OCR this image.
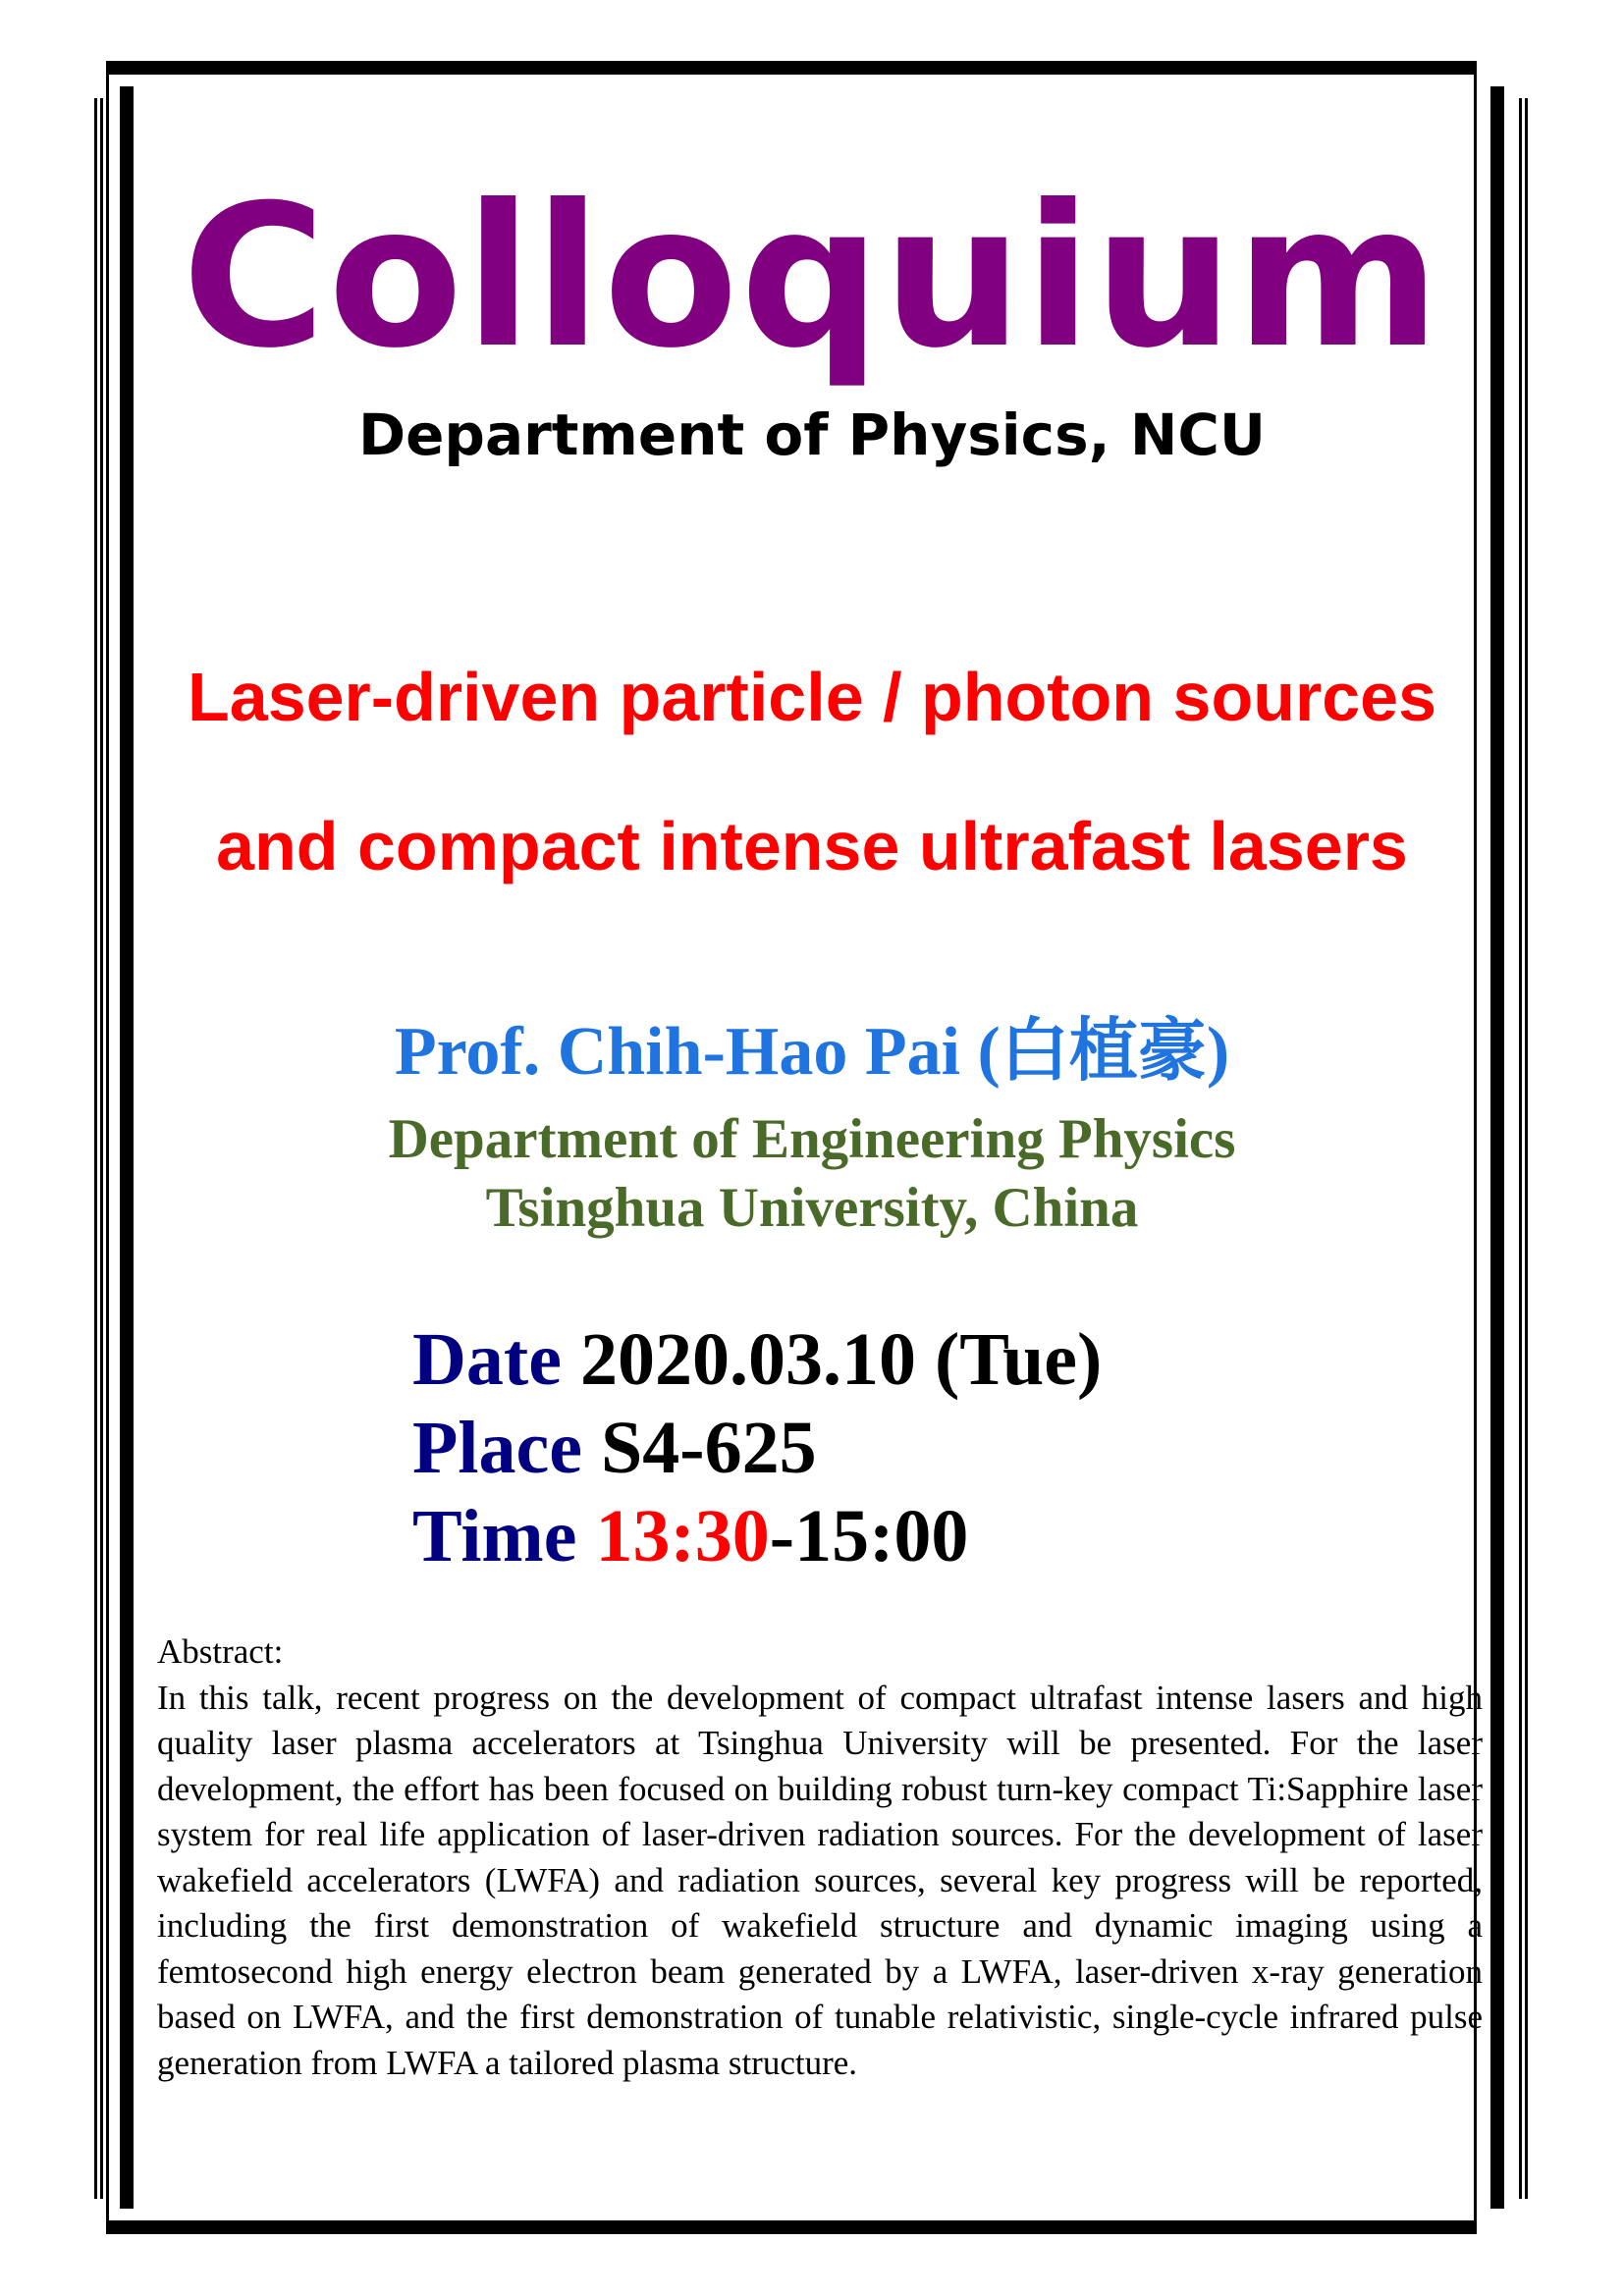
Colloquium
Department of Physics, NCU
Laser-driven particle / photon sources
and compact intense ultrafast lasers
Prof. Chih-Hao Pai (白植豪)
Department of Engineering Physics
Tsinghua University, China
Date 2020.03.10 (Tue)
Place S4-625
Time 13:30-15:00
Abstract:
In this talk, recent progress on the development of compact ultrafast intense lasers and high quality laser plasma accelerators at Tsinghua University will be presented. For the laser development, the effort has been focused on building robust turn-key compact Ti:Sapphire laser system for real life application of laser-driven radiation sources. For the development of laser wakefield accelerators (LWFA) and radiation sources, several key progress will be reported, including the first demonstration of wakefield structure and dynamic imaging using a femtosecond high energy electron beam generated by a LWFA, laser-driven x-ray generation based on LWFA, and the first demonstration of tunable relativistic, single-cycle infrared pulse generation from LWFA a tailored plasma structure.
